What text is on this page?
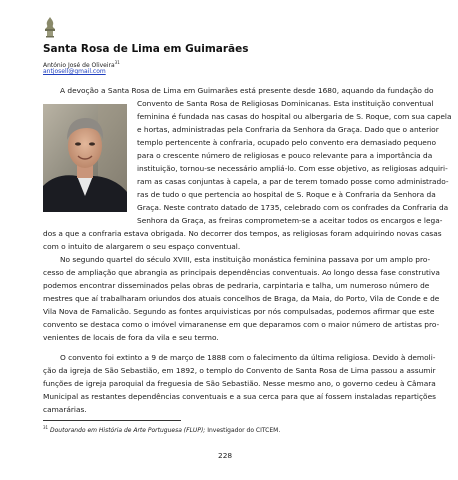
Santa Rosa de Lima em Guimarães
António José de Oliveira$^{31}$
antjosell@gmail.com
A devoção a Santa Rosa de Lima em Guimarães está presente desde 1680, aquando da fundação do
Convento de Santa Rosa de Religiosas Dominicanas. Esta instituição conventual
feminina é fundada nas casas do hospital ou albergaria de S. Roque, com sua capela
e hortas, administradas pela Confraria da Senhora da Graça. Dado que o anterior
templo pertencente à confraria, ocupado pelo convento era demasiado pequeno
para o crescente número de religiosas e pouco relevante para a importância da
instituição, tornou-se necessário ampliá-lo. Com esse objetivo, as religiosas adquiri-
ram as casas conjuntas à capela, a par de terem tomado posse como administrado-
ras de tudo o que pertencia ao hospital de S. Roque e à Confraria da Senhora da
Graça. Neste contrato datado de 1735, celebrado com os confrades da Confraria da
Senhora da Graça, as freiras comprometem-se a aceitar todos os encargos e lega-
dos a que a confraria estava obrigada. No decorrer dos tempos, as religiosas foram adquirindo novas casas
com o intuito de alargarem o seu espaço conventual.
No segundo quartel do século XVIII, esta instituição monástica feminina passava por um amplo pro-
cesso de ampliação que abrangia as principais dependências conventuais. Ao longo dessa fase construtiva
podemos encontrar disseminados pelas obras de pedraria, carpintaria e talha, um numeroso número de
mestres que aí trabalharam oriundos dos atuais concelhos de Braga, da Maia, do Porto, Vila de Conde e de
Vila Nova de Famalicão. Segundo as fontes arquivisticas por nós compulsadas, podemos afirmar que este
convento se destaca como o imóvel vimaranense em que deparamos com o maior número de artistas pro-
venientes de locais de fora da vila e seu termo.
O convento foi extinto a 9 de março de 1888 com o falecimento da última religiosa. Devido à demoli-
ção da igreja de São Sebastião, em 1892, o templo do Convento de Santa Rosa de Lima passou a assumir
funções de igreja paroquial da freguesia de São Sebastião. Nesse mesmo ano, o governo cedeu à Câmara
Municipal as restantes dependências conventuais e a sua cerca para que aí fossem instaladas repartições
camarárias.
$^{31}$ Doutorando em História de Arte Portuguesa (FLUP); Investigador do CITCEM.
228
